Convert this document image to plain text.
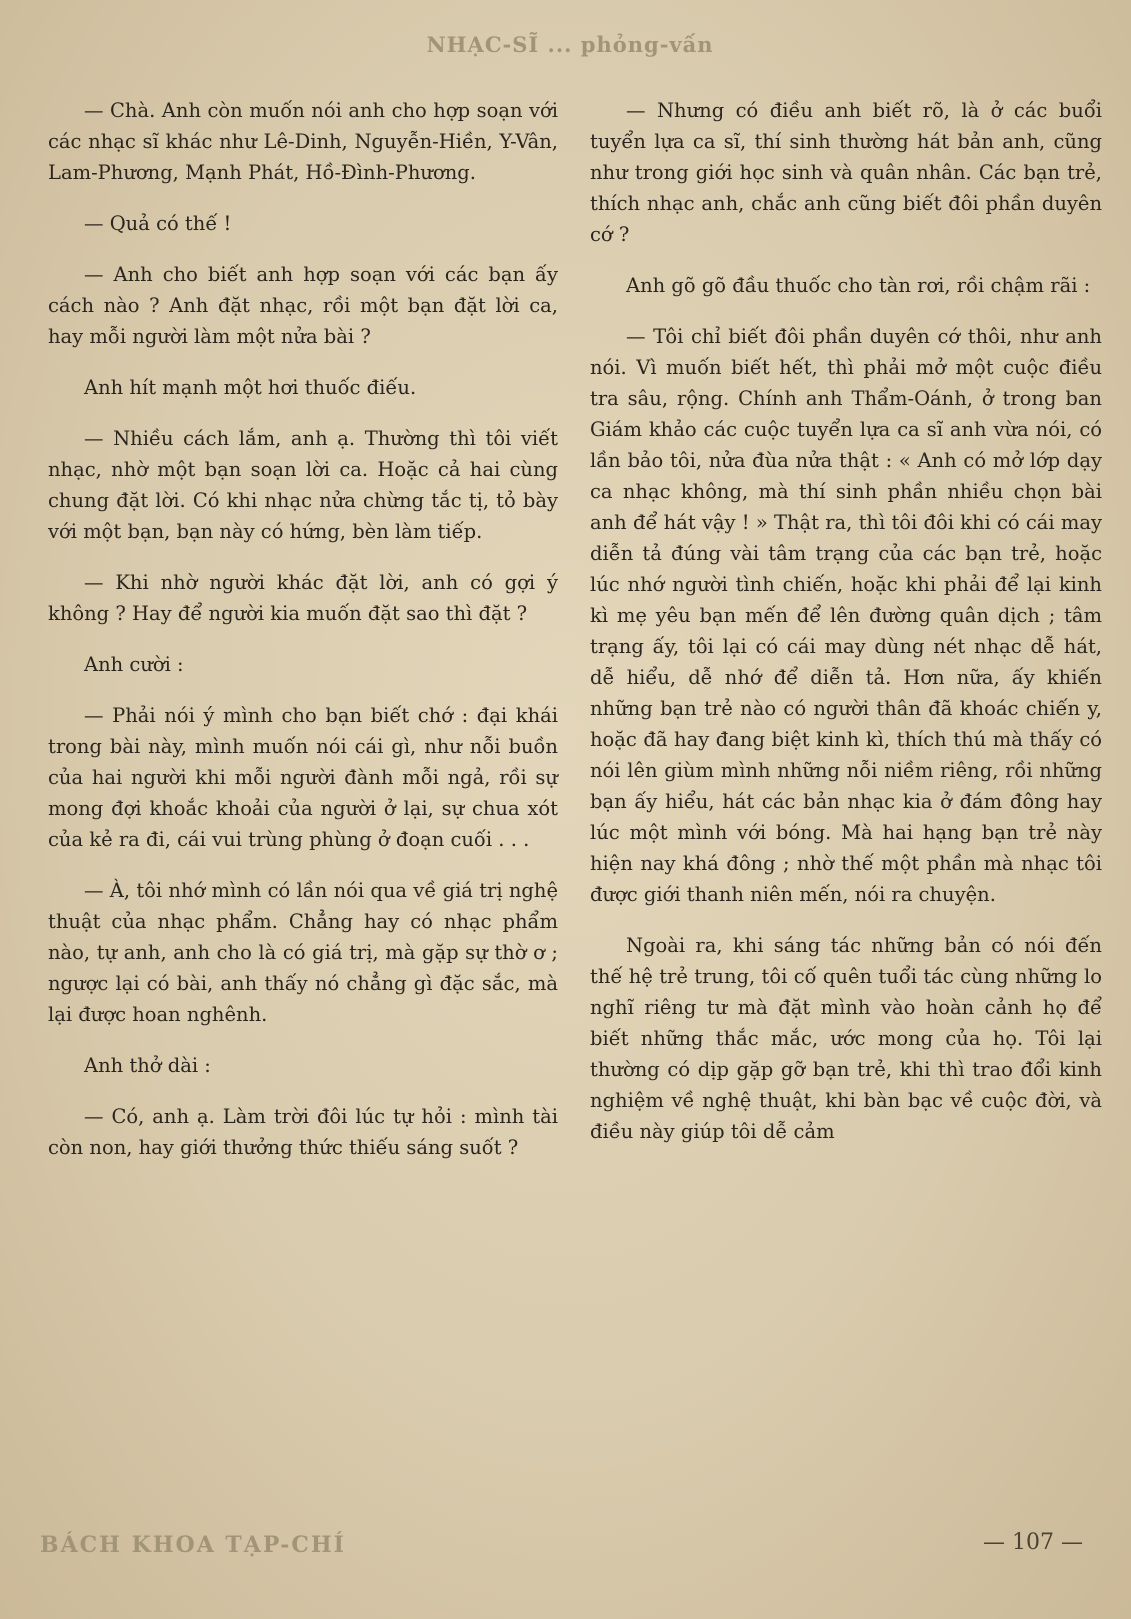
NHẠC-SĨ ... phỏng-vấn

— Chà. Anh còn muốn nói anh cho hợp soạn với các nhạc sĩ khác như Lê-Dinh, Nguyễn-Hiền, Y-Vân, Lam-Phương, Mạnh Phát, Hồ-Đình-Phương.

— Quả có thế !

— Anh cho biết anh hợp soạn với các bạn ấy cách nào ? Anh đặt nhạc, rồi một bạn đặt lời ca, hay mỗi người làm một nửa bài ?

Anh hít mạnh một hơi thuốc điếu.

— Nhiều cách lắm, anh ạ. Thường thì tôi viết nhạc, nhờ một bạn soạn lời ca. Hoặc cả hai cùng chung đặt lời. Có khi nhạc nửa chừng tắc tị, tỏ bày với một bạn, bạn này có hứng, bèn làm tiếp.

— Khi nhờ người khác đặt lời, anh có gợi ý không ? Hay để người kia muốn đặt sao thì đặt ?

Anh cười :

— Phải nói ý mình cho bạn biết chớ : đại khái trong bài này, mình muốn nói cái gì, như nỗi buồn của hai người khi mỗi người đành mỗi ngả, rồi sự mong đợi khoắc khoải của người ở lại, sự chua xót của kẻ ra đi, cái vui trùng phùng ở đoạn cuối . . .

— À, tôi nhớ mình có lần nói qua về giá trị nghệ thuật của nhạc phẩm. Chẳng hay có nhạc phẩm nào, tự anh, anh cho là có giá trị, mà gặp sự thờ ơ ; ngược lại có bài, anh thấy nó chẳng gì đặc sắc, mà lại được hoan nghênh.

Anh thở dài :

— Có, anh ạ. Làm trời đôi lúc tự hỏi : mình tài còn non, hay giới thưởng thức thiếu sáng suốt ?

— Nhưng có điều anh biết rõ, là ở các buổi tuyển lựa ca sĩ, thí sinh thường hát bản anh, cũng như trong giới học sinh và quân nhân. Các bạn trẻ, thích nhạc anh, chắc anh cũng biết đôi phần duyên cớ ?

Anh gõ gõ đầu thuốc cho tàn rơi, rồi chậm rãi :

— Tôi chỉ biết đôi phần duyên cớ thôi, như anh nói. Vì muốn biết hết, thì phải mở một cuộc điều tra sâu, rộng. Chính anh Thẩm-Oánh, ở trong ban Giám khảo các cuộc tuyển lựa ca sĩ anh vừa nói, có lần bảo tôi, nửa đùa nửa thật : « Anh có mở lớp dạy ca nhạc không, mà thí sinh phần nhiều chọn bài anh để hát vậy ! » Thật ra, thì tôi đôi khi có cái may diễn tả đúng vài tâm trạng của các bạn trẻ, hoặc lúc nhớ người tình chiến, hoặc khi phải để lại kinh kì mẹ yêu bạn mến để lên đường quân dịch ; tâm trạng ấy, tôi lại có cái may dùng nét nhạc dễ hát, dễ hiểu, dễ nhớ để diễn tả. Hơn nữa, ấy khiến những bạn trẻ nào có người thân đã khoác chiến y, hoặc đã hay đang biệt kinh kì, thích thú mà thấy có nói lên giùm mình những nỗi niềm riêng, rồi những bạn ấy hiểu, hát các bản nhạc kia ở đám đông hay lúc một mình với bóng. Mà hai hạng bạn trẻ này hiện nay khá đông ; nhờ thế một phần mà nhạc tôi được giới thanh niên mến, nói ra chuyện.

Ngoài ra, khi sáng tác những bản có nói đến thế hệ trẻ trung, tôi cố quên tuổi tác cùng những lo nghĩ riêng tư mà đặt mình vào hoàn cảnh họ để biết những thắc mắc, ước mong của họ. Tôi lại thường có dịp gặp gỡ bạn trẻ, khi thì trao đổi kinh nghiệm về nghệ thuật, khi bàn bạc về cuộc đời, và điều này giúp tôi dễ cảm

BÁCH KHOA TẠP-CHÍ	— 107 —
